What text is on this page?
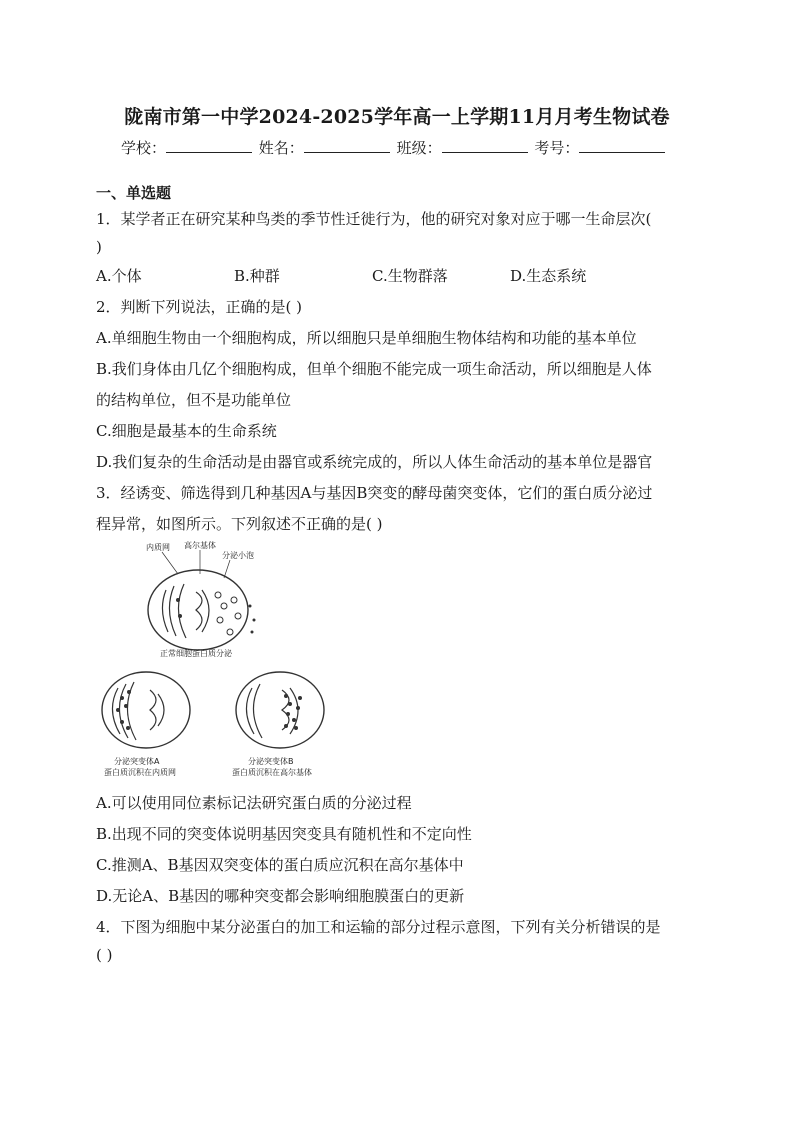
陇南市第一中学2024-2025学年高一上学期11月月考生物试卷
学校：	姓名：	班级：	考号：
一、单选题
1．某学者正在研究某种鸟类的季节性迁徙行为，他的研究对象对应于哪一生命层次(
)
A.个体	B.种群	C.生物群落	D.生态系统
2．判断下列说法，正确的是( )
A.单细胞生物由一个细胞构成，所以细胞只是单细胞生物体结构和功能的基本单位
B.我们身体由几亿个细胞构成，但单个细胞不能完成一项生命活动，所以细胞是人体
的结构单位，但不是功能单位
C.细胞是最基本的生命系统
D.我们复杂的生命活动是由器官或系统完成的，所以人体生命活动的基本单位是器官
3．经诱变、筛选得到几种基因A与基因B突变的酵母菌突变体，它们的蛋白质分泌过
程异常，如图所示。下列叙述不正确的是( )
内质网 高尔基体
分泌小泡
正常细胞蛋白质分泌
分泌突变体A
蛋白质沉积在内质网
分泌突变体B
蛋白质沉积在高尔基体
A.可以使用同位素标记法研究蛋白质的分泌过程
B.出现不同的突变体说明基因突变具有随机性和不定向性
C.推测A、B基因双突变体的蛋白质应沉积在高尔基体中
D.无论A、B基因的哪种突变都会影响细胞膜蛋白的更新
4．下图为细胞中某分泌蛋白的加工和运输的部分过程示意图，下列有关分析错误的是
( )
